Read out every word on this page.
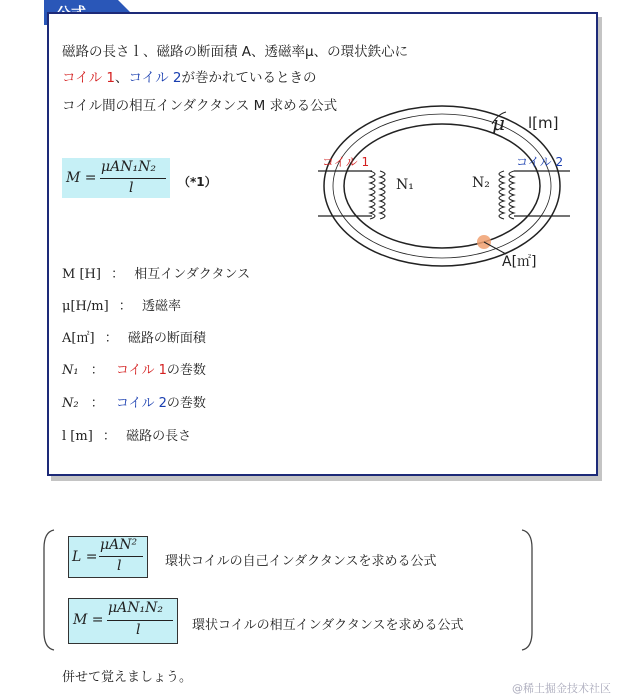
磁路の長さｌ、磁路の断面積 A、透磁率μ、の環状鉄心に
コイル 1、コイル 2が巻かれているときの
コイル間の相互インダクタンス M 求める公式
M =
μAN₁N₂
l	（*1）
M [H] ： 相互インダクタンス
μ[H/m] ： 透磁率
A[㎡] ： 磁路の断面積
N₁ ： コイル 1の巻数
N₂ ： コイル 2の巻数
l [m] ： 磁路の長さ
コイル 1	コイル 2
N₁	N₂
μ l[m]
A[㎡]
L =
μAN²
l	環状コイルの自己インダクタンスを求める公式
M =
μAN₁N₂
l	環状コイルの相互インダクタンスを求める公式
併せて覚えましょう。
@稀土掘金技术社区
